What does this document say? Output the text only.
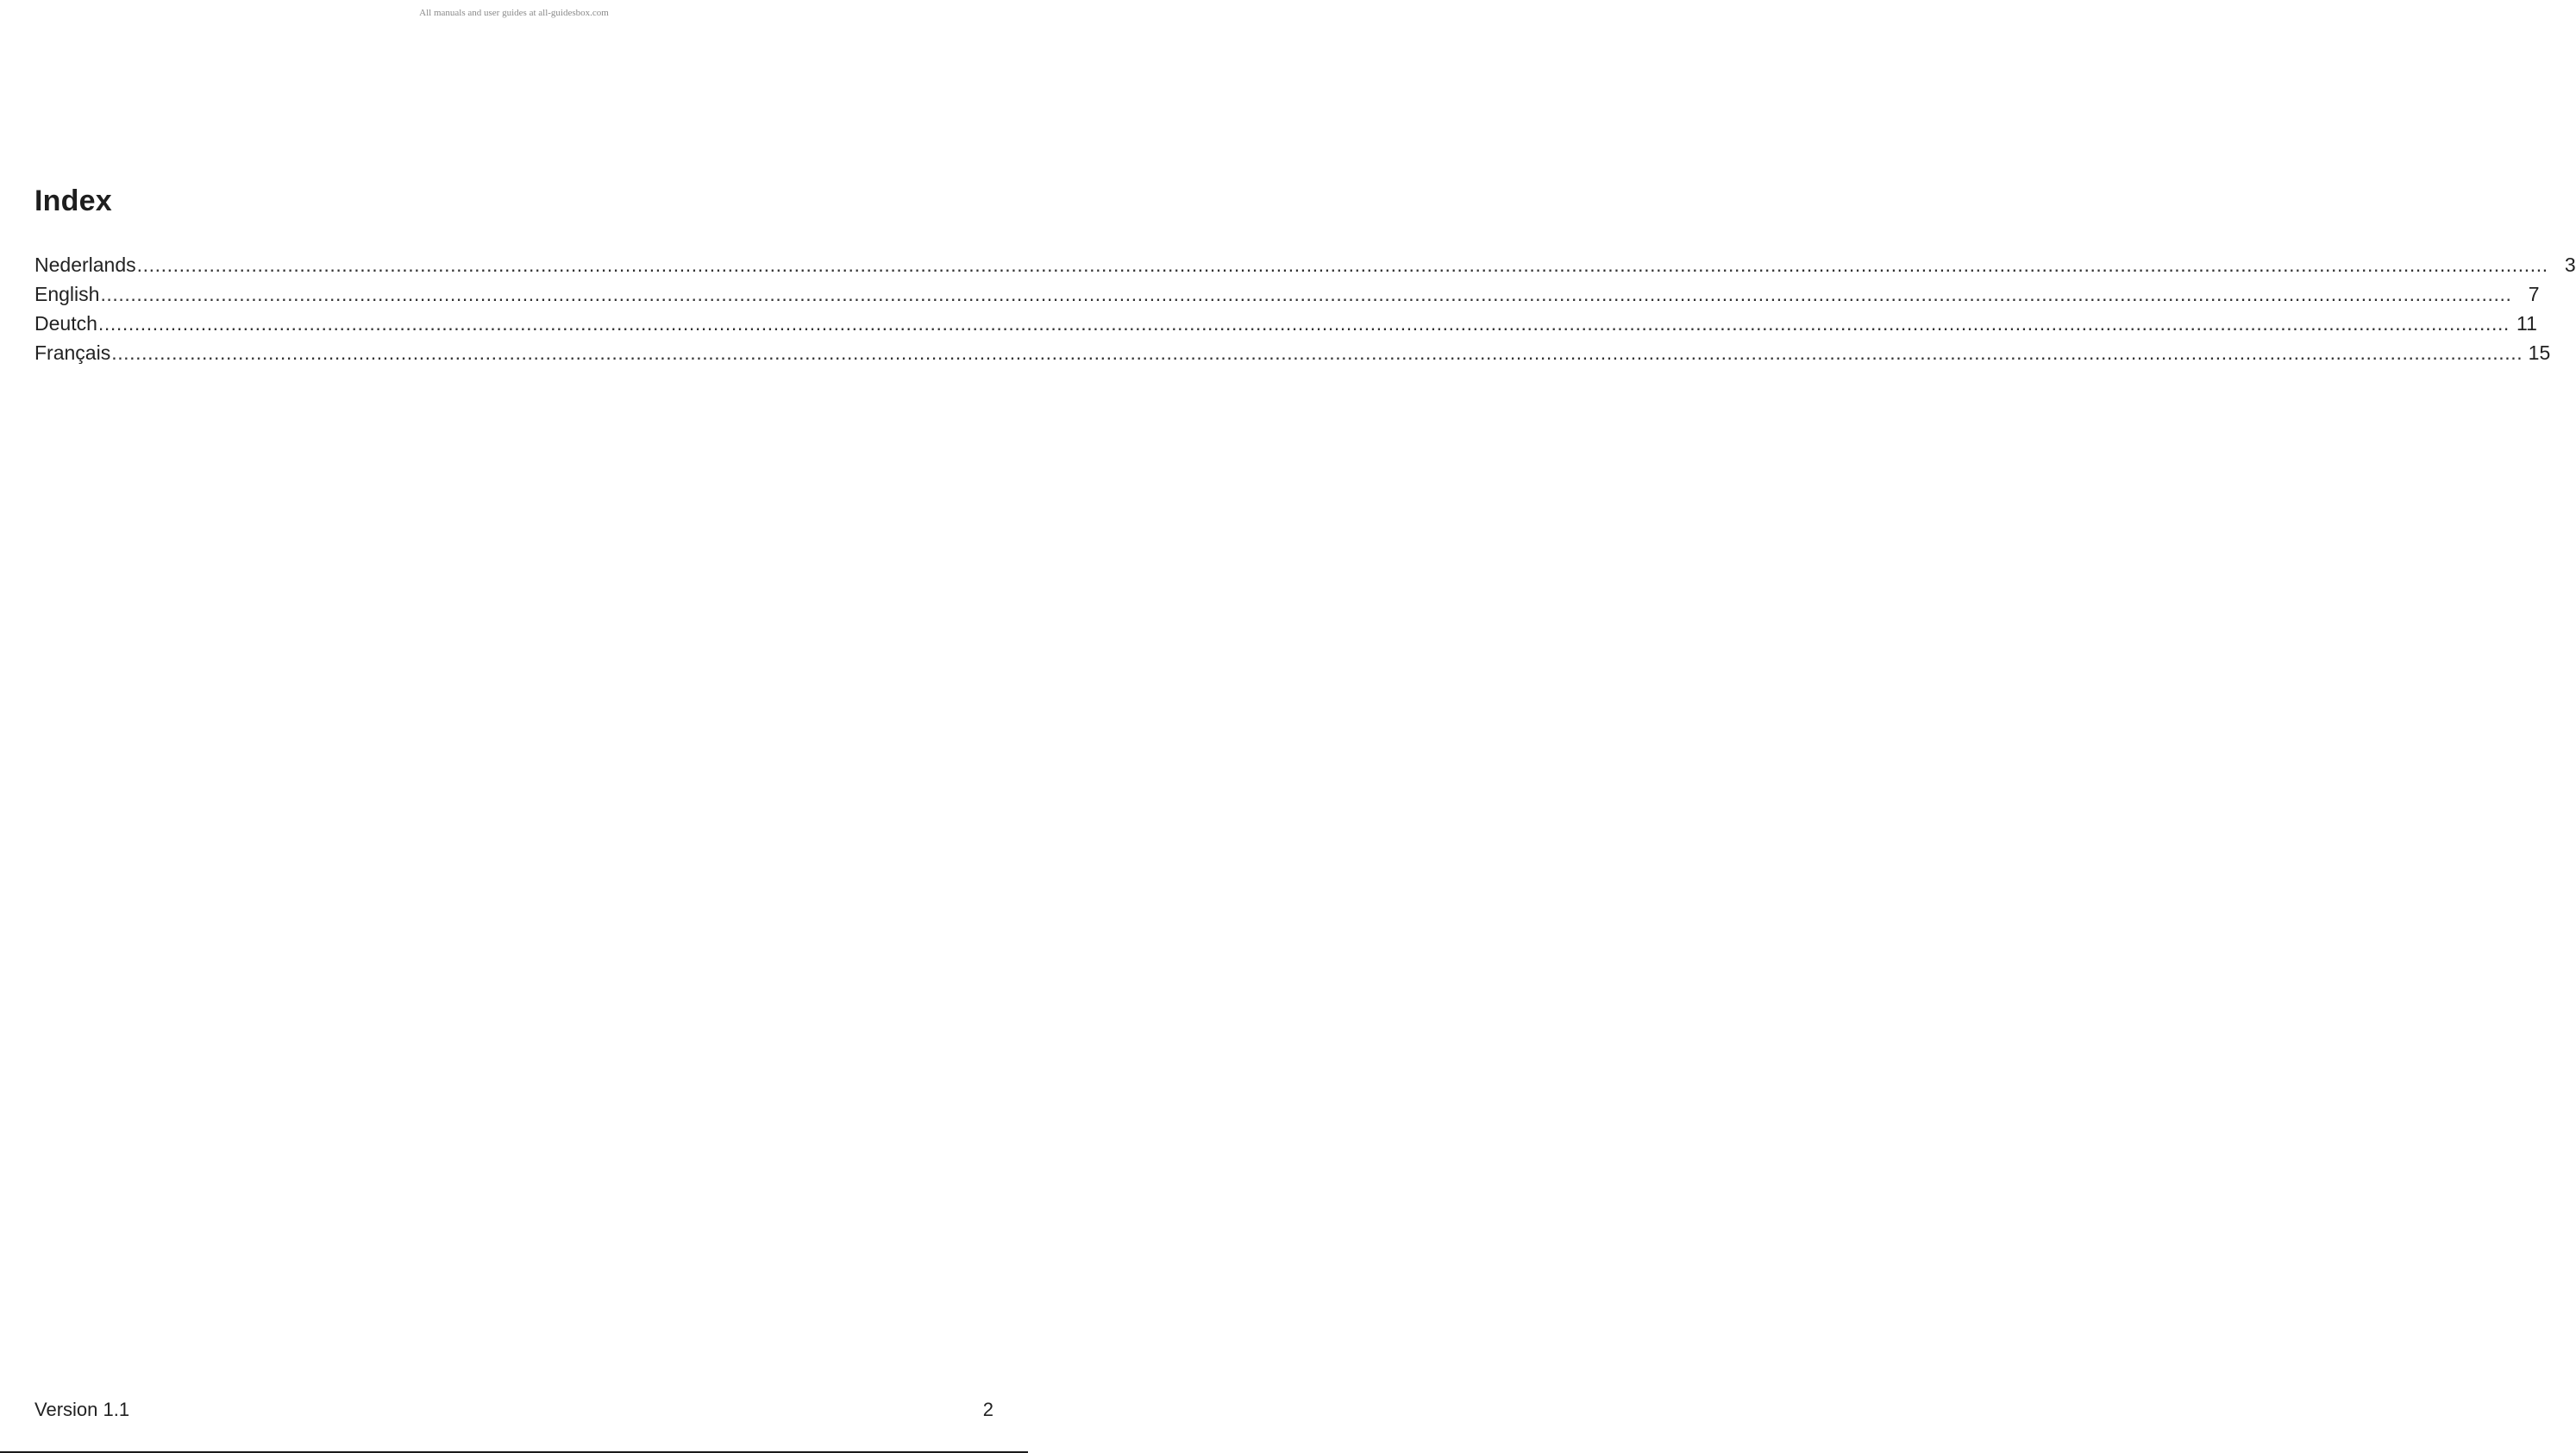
All manuals and user guides at all-guidesbox.com
Index
Nederlands ................................................................................................................................................................................................................................................................................................................................................................................................................ 3
English ................................................................................................................................................................................................................................................................................................................................................................................................................ 7
Deutch ................................................................................................................................................................................................................................................................................................................................................................................................................ 11
Français ................................................................................................................................................................................................................................................................................................................................................................................................................ 15
Version 1.1	2
